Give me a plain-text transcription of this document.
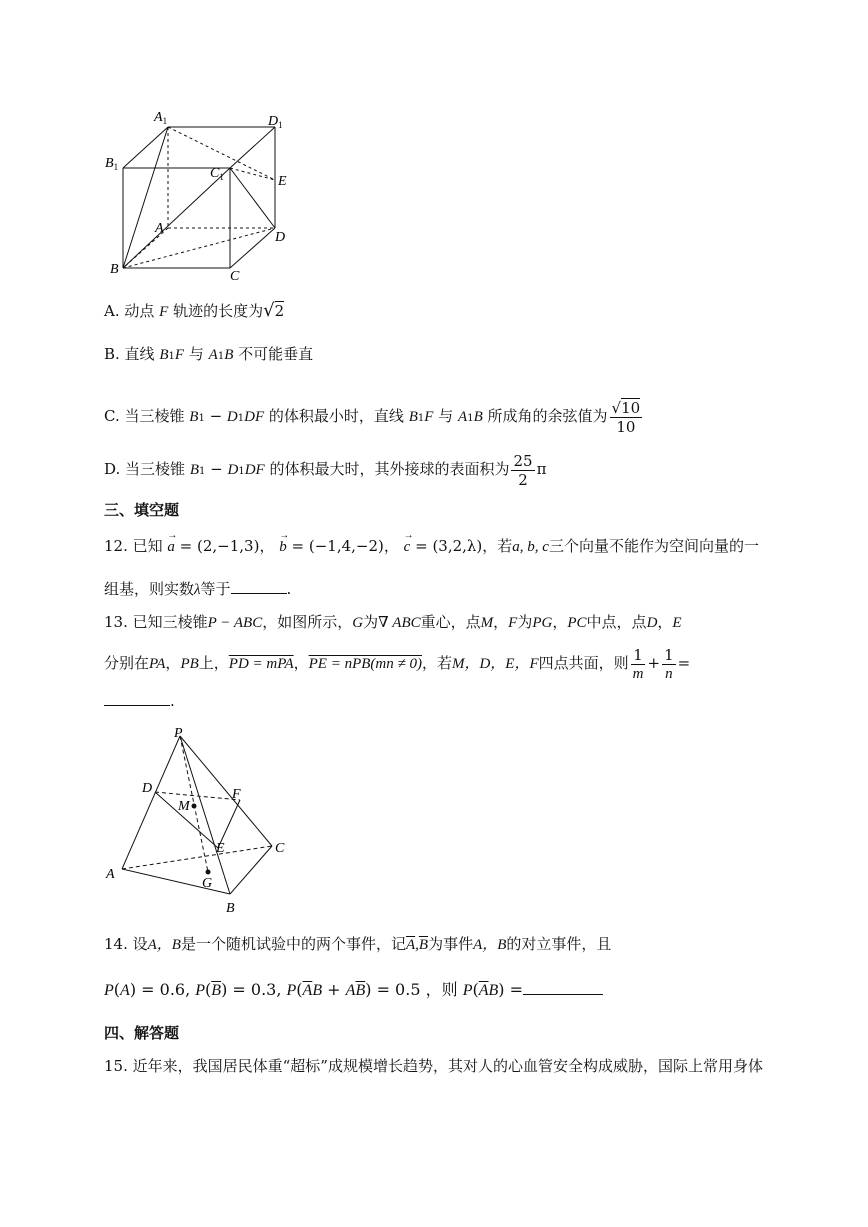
$A_1$	$D_1$
$B_1$	$C_1$	E
A
D
B	C
A. 动点 F 轨迹的长度为√2
B. 直线 B1F 与 A1B 不可能垂直
C. 当三棱锥 B1 − D1DF 的体积最小时，直线 B1F 与 A1B 所成角的余弦值为 $\frac{√10}{10}$
D. 当三棱锥 B1 − D1DF 的体积最大时，其外接球的表面积为 $\frac{25}{2}$ π
三、填空题
12. 已知 → a = (2,−1,3)， → b = (−1,4,−2)， → c = (3,2,λ)，若a, b, c三个向量不能作为空间向量的一
组基，则实数λ等于	.
13. 已知三棱锥P − ABC，如图所示，G为∇ ABC重心，点M，F为PG，PC中点，点D，E
分别在PA，PB上，PD = mPA，PE = nPB(mn ≠ 0)，若M，D，E，F四点共面，则 $\frac{1}{m} + \frac{1}{n}$ =
.
P
D
M
F
E	C
A
G
B
14. 设A，B是一个随机试验中的两个事件，记$\overline{A},\overline{B}$为事件A，B的对立事件，且
P(A) = 0.6, $P(\overline{B}) = 0.3$, $P(\overline{A}B + A\overline{B}) = 0.5$ ，则 $P(\overline{A}B)$ =
四、解答题
15. 近年来，我国居民体重“超标”成规模增长趋势，其对人的心血管安全构成威胁，国际上常用身体
